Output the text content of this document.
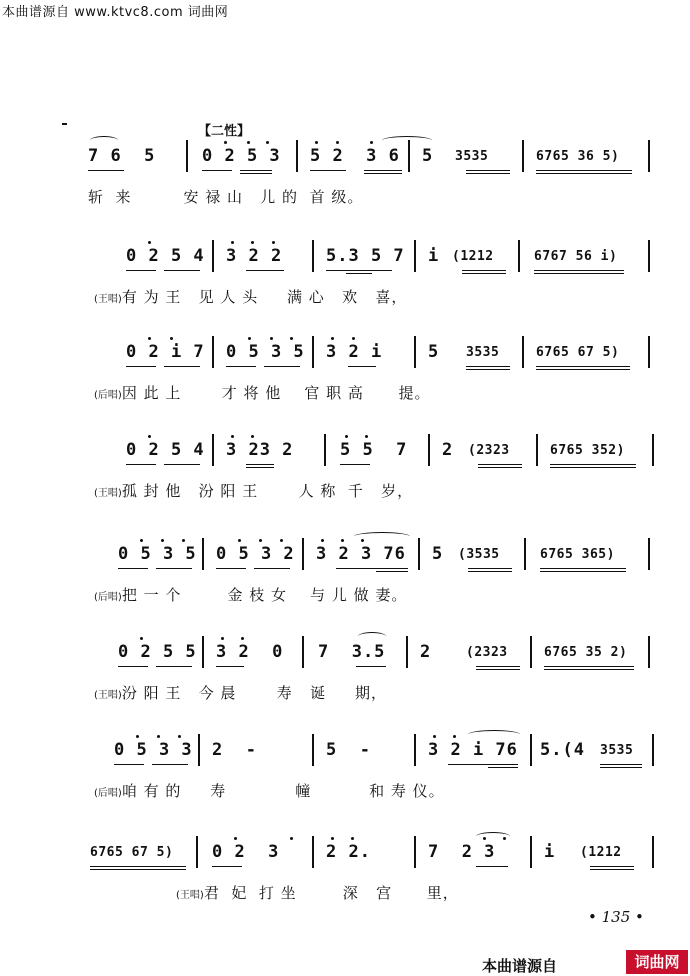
本曲谱源自 www.ktvc8.com 词曲网
【二性】
7 6  5	0 2 5 3 5 2  3 6 5 3535	6765 36 5)
斩  来         安 禄 山   儿 的  首 级。
0 2 5 4 3 2 2	5.3 5 7 i (1212	6767 56 i)
(王唱)有 为 王   见 人 头     满 心   欢   喜，
0 2 i 7 0 5 3 5 3 2 i	5 3535	6765 67 5)
(后唱)因 此 上       才 将 他    官 职 高      提。
0 2 5 4 3 23 2	5 5  7 2 (2323	6765 352)
(王唱)孤 封 他   汾 阳 王       人 称  千   岁，
0 5 3 5 0 5 3 2 3 2 3 76 5 (3535	6765 365)
(后唱)把 一 个        金 枝 女    与 儿 做 妻。
0 2 5 5 3 2  0 7  3.5 2	(2323	6765 35 2)
(王唱)汾 阳 王   今 晨       寿   诞     期，
0 5 3 3 2  -	5  -	3 2 i 76 5.(4 3535
(后唱)咱 有 的     寿            幢          和 寿 仪。
6765 67 5) 0 2  3	2 2.	7  2 3	i (1212
(王唱)君  妃  打 坐        深   宫      里，
• 135 •
本曲谱源自	词曲网
